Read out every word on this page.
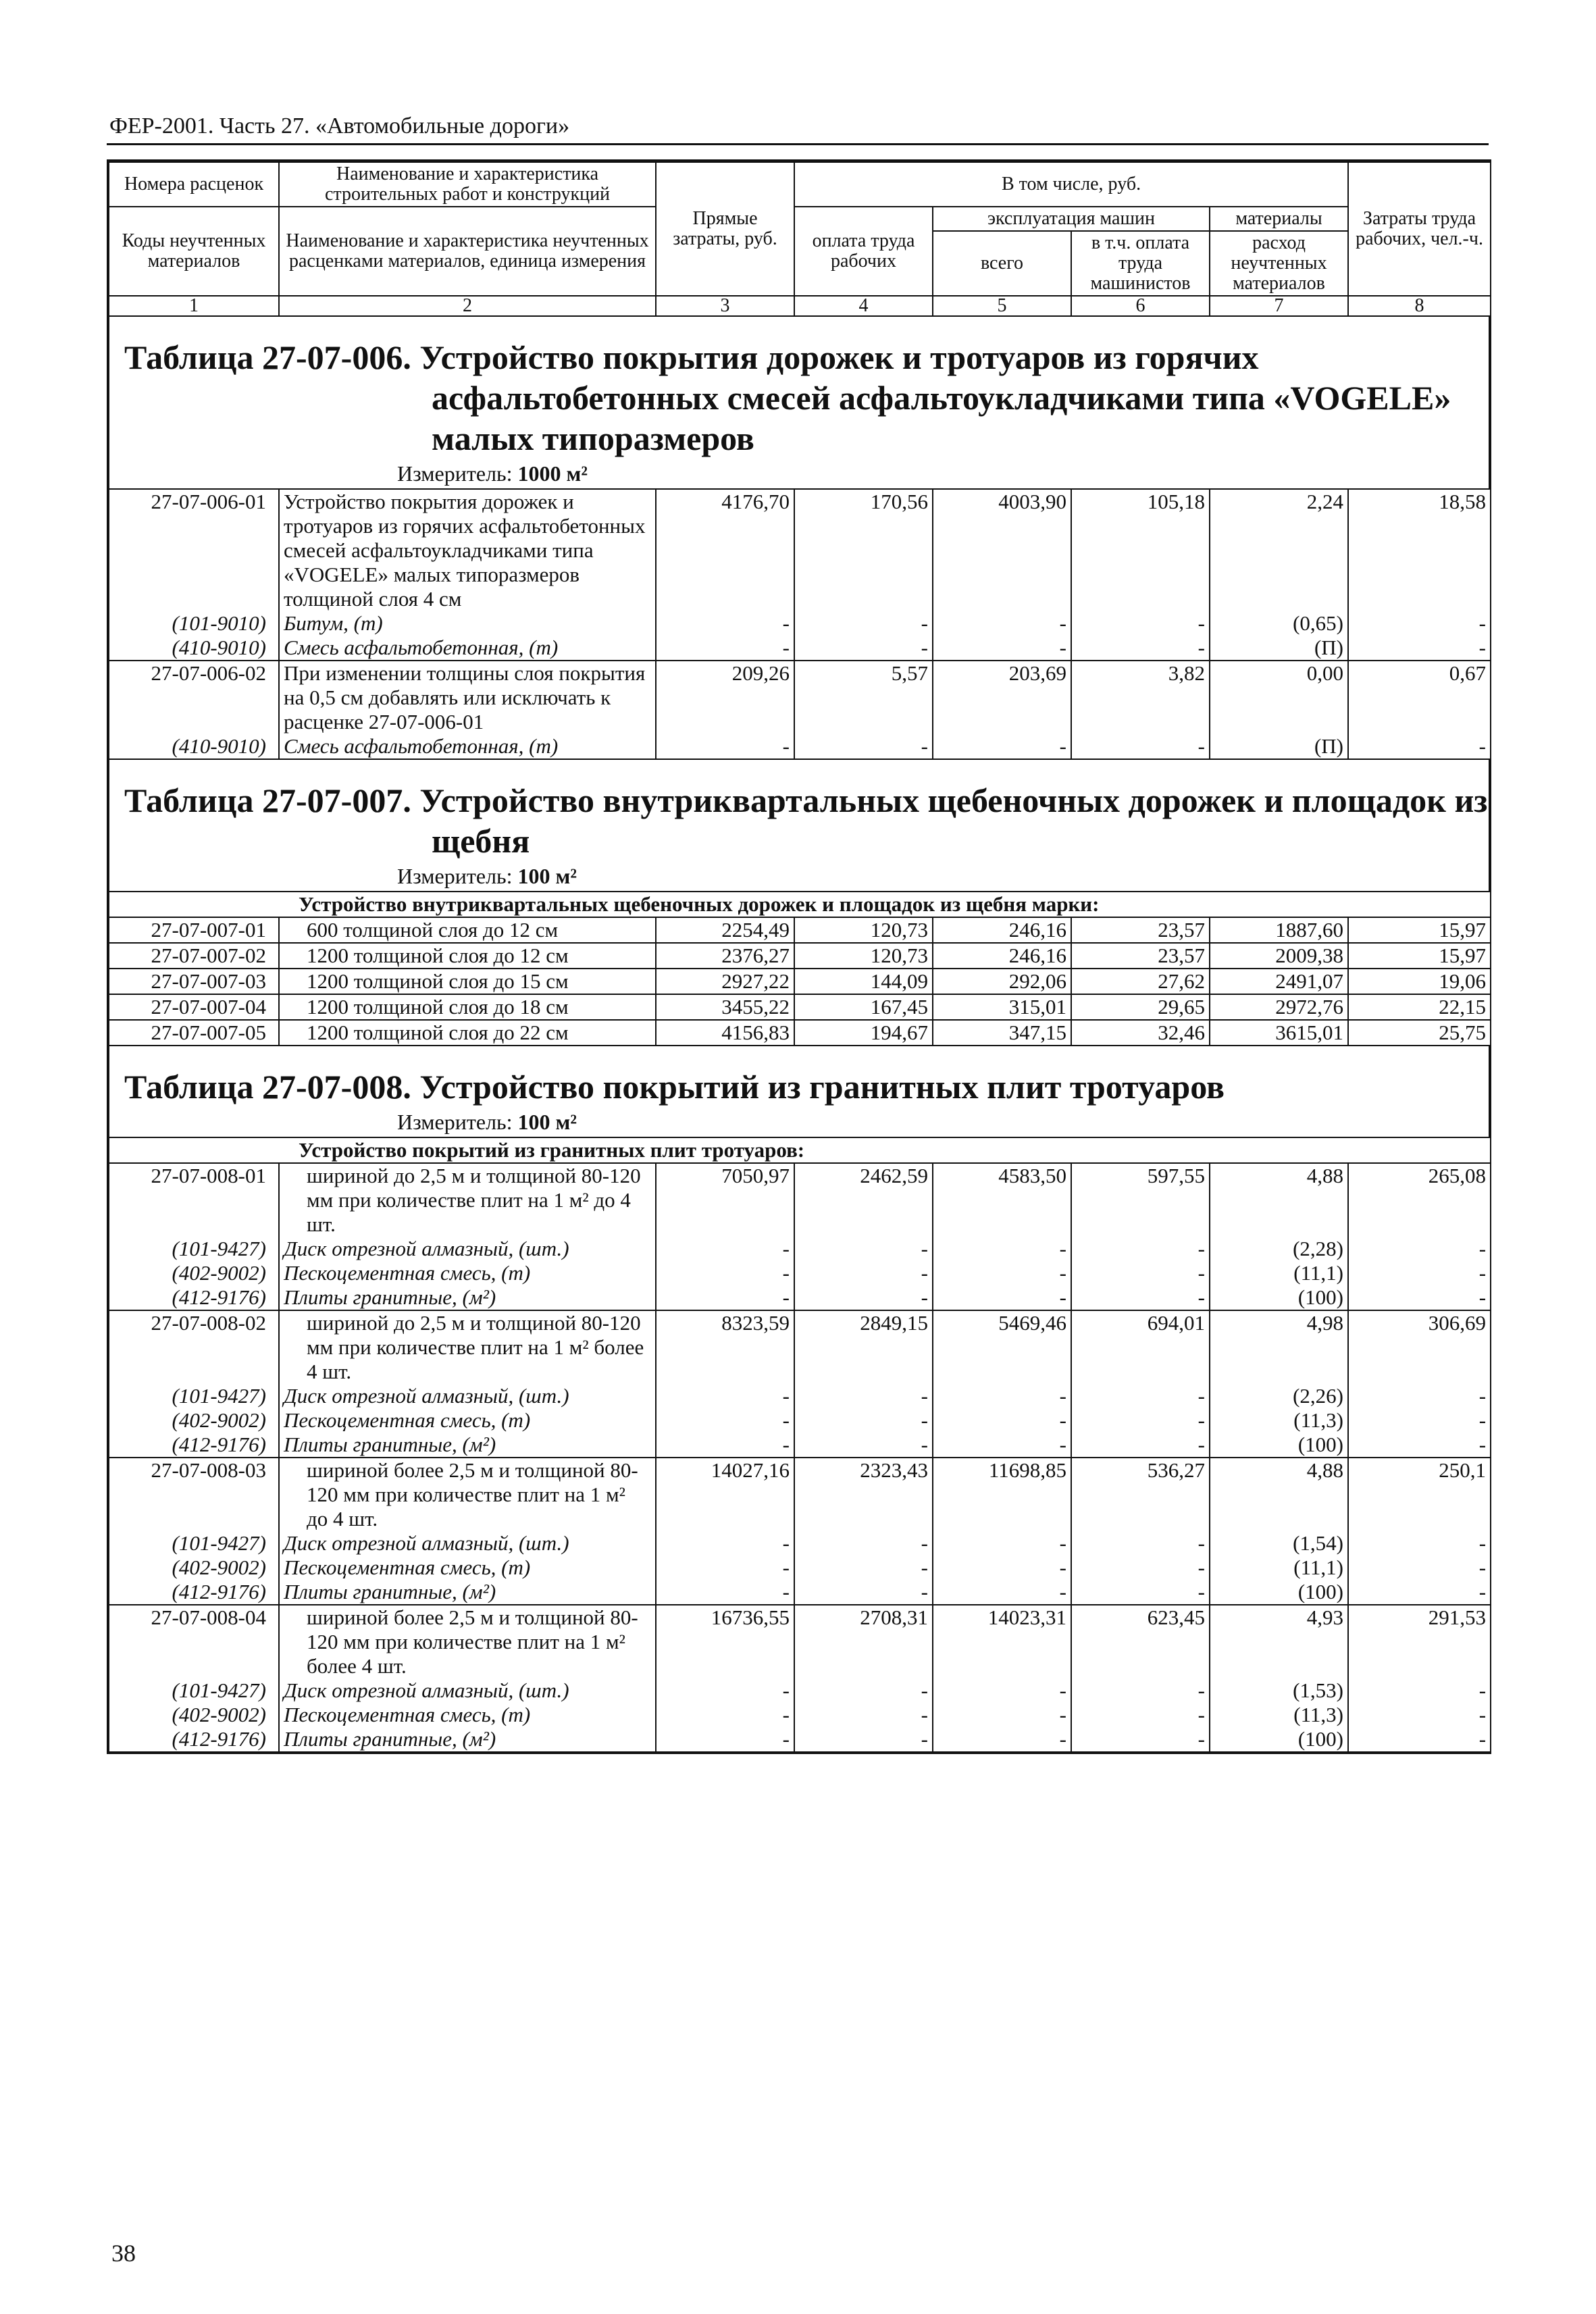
ФЕР-2001. Часть 27. «Автомобильные дороги»
Номера расценок	Наименование и характеристика строительных работ и конструкций	Прямые затраты, руб.	В том числе, руб.				Затраты труда рабочих, чел.-ч.
Коды неучтенных материалов	Наименование и характеристика неучтенных расценками материалов, единица измерения		оплата труда рабочих	эксплуатация машин		материалы	
				всего	в т.ч. оплата труда машинистов	расход неучтенных материалов	
1	2	3	4	5	6	7	8
Таблица 27-07-006. Устройство покрытия дорожек и тротуаров из горячих
асфальтобетонных смесей асфальтоукладчиками типа «VOGELE» малых типоразмеров
Измеритель: 1000 м²
27-07-006-01	Устройство покрытия дорожек и тротуаров из горячих асфальтобетонных смесей асфальтоукладчиками типа «VOGELE» малых типоразмеров толщиной слоя 4 см	4176,70	170,56	4003,90	105,18	2,24	18,58
(101-9010)	Битум, (т)	-	-	-	-	(0,65)	-
(410-9010)	Смесь асфальтобетонная, (т)	-	-	-	-	(П)	-
27-07-006-02	При изменении толщины слоя покрытия на 0,5 см добавлять или исключать к расценке 27-07-006-01	209,26	5,57	203,69	3,82	0,00	0,67
(410-9010)	Смесь асфальтобетонная, (т)	-	-	-	-	(П)	-
Таблица 27-07-007. Устройство внутриквартальных щебеночных дорожек и площадок из
щебня
Измеритель: 100 м²
Устройство внутриквартальных щебеночных дорожек и площадок из щебня марки:							
27-07-007-01	600 толщиной слоя до 12 см	2254,49	120,73	246,16	23,57	1887,60	15,97
27-07-007-02	1200 толщиной слоя до 12 см	2376,27	120,73	246,16	23,57	2009,38	15,97
27-07-007-03	1200 толщиной слоя до 15 см	2927,22	144,09	292,06	27,62	2491,07	19,06
27-07-007-04	1200 толщиной слоя до 18 см	3455,22	167,45	315,01	29,65	2972,76	22,15
27-07-007-05	1200 толщиной слоя до 22 см	4156,83	194,67	347,15	32,46	3615,01	25,75
Таблица 27-07-008. Устройство покрытий из гранитных плит тротуаров
Измеритель: 100 м²
Устройство покрытий из гранитных плит тротуаров:							
27-07-008-01	шириной до 2,5 м и толщиной 80-120 мм при количестве плит на 1 м² до 4 шт.	7050,97	2462,59	4583,50	597,55	4,88	265,08
(101-9427)	Диск отрезной алмазный, (шт.)	-	-	-	-	(2,28)	-
(402-9002)	Пескоцементная смесь, (т)	-	-	-	-	(11,1)	-
(412-9176)	Плиты гранитные, (м²)	-	-	-	-	(100)	-
27-07-008-02	шириной до 2,5 м и толщиной 80-120 мм при количестве плит на 1 м² более 4 шт.	8323,59	2849,15	5469,46	694,01	4,98	306,69
(101-9427)	Диск отрезной алмазный, (шт.)	-	-	-	-	(2,26)	-
(402-9002)	Пескоцементная смесь, (т)	-	-	-	-	(11,3)	-
(412-9176)	Плиты гранитные, (м²)	-	-	-	-	(100)	-
27-07-008-03	шириной более 2,5 м и толщиной 80-120 мм при количестве плит на 1 м² до 4 шт.	14027,16	2323,43	11698,85	536,27	4,88	250,1
(101-9427)	Диск отрезной алмазный, (шт.)	-	-	-	-	(1,54)	-
(402-9002)	Пескоцементная смесь, (т)	-	-	-	-	(11,1)	-
(412-9176)	Плиты гранитные, (м²)	-	-	-	-	(100)	-
27-07-008-04	шириной более 2,5 м и толщиной 80-120 мм при количестве плит на 1 м² более 4 шт.	16736,55	2708,31	14023,31	623,45	4,93	291,53
(101-9427)	Диск отрезной алмазный, (шт.)	-	-	-	-	(1,53)	-
(402-9002)	Пескоцементная смесь, (т)	-	-	-	-	(11,3)	-
(412-9176)	Плиты гранитные, (м²)	-	-	-	-	(100)	-
38
